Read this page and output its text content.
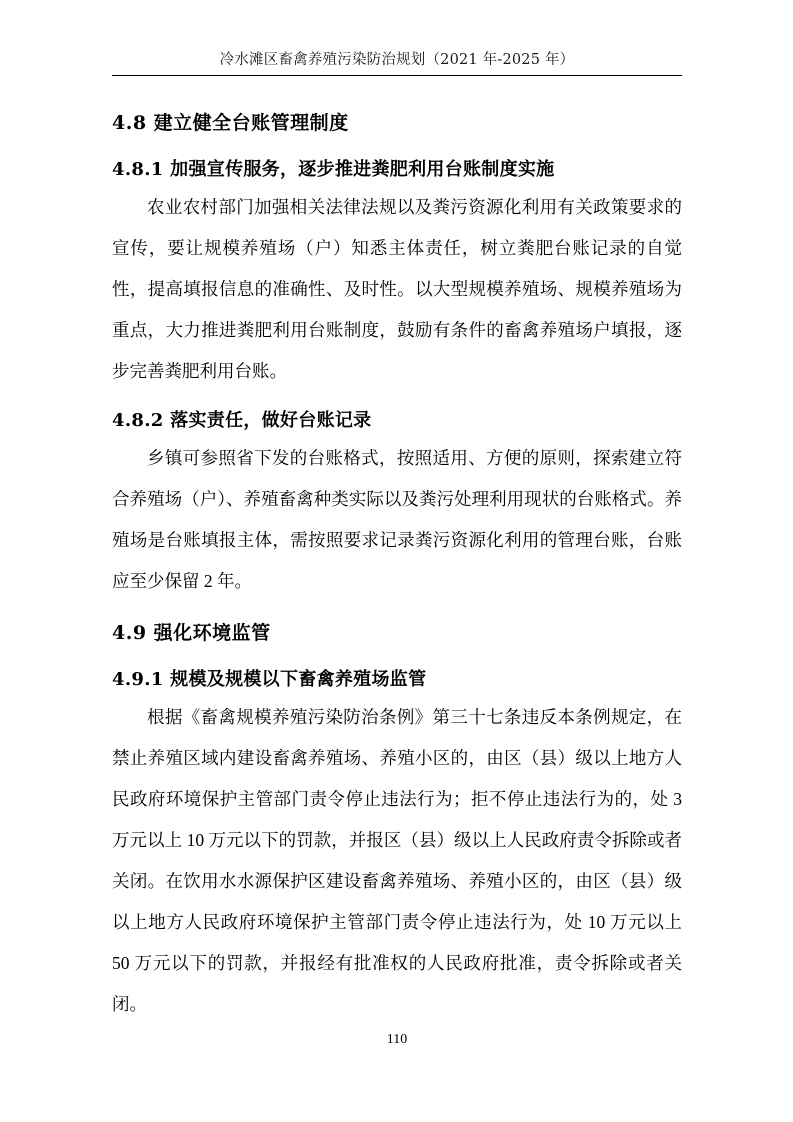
冷水滩区畜禽养殖污染防治规划（2021 年-2025 年）
4.8 建立健全台账管理制度
4.8.1 加强宣传服务，逐步推进粪肥利用台账制度实施

农业农村部门加强相关法律法规以及粪污资源化利用有关政策要求的宣传，要让规模养殖场（户）知悉主体责任，树立粪肥台账记录的自觉性，提高填报信息的准确性、及时性。以大型规模养殖场、规模养殖场为重点，大力推进粪肥利用台账制度，鼓励有条件的畜禽养殖场户填报，逐步完善粪肥利用台账。

4.8.2 落实责任，做好台账记录

乡镇可参照省下发的台账格式，按照适用、方便的原则，探索建立符合养殖场（户）、养殖畜禽种类实际以及粪污处理利用现状的台账格式。养殖场是台账填报主体，需按照要求记录粪污资源化利用的管理台账，台账应至少保留 2 年。

4.9 强化环境监管
4.9.1 规模及规模以下畜禽养殖场监管

根据《畜禽规模养殖污染防治条例》第三十七条违反本条例规定，在禁止养殖区域内建设畜禽养殖场、养殖小区的，由区（县）级以上地方人民政府环境保护主管部门责令停止违法行为；拒不停止违法行为的，处 3 万元以上 10 万元以下的罚款，并报区（县）级以上人民政府责令拆除或者关闭。在饮用水水源保护区建设畜禽养殖场、养殖小区的，由区（县）级以上地方人民政府环境保护主管部门责令停止违法行为，处 10 万元以上 50 万元以下的罚款，并报经有批准权的人民政府批准，责令拆除或者关闭。

110
